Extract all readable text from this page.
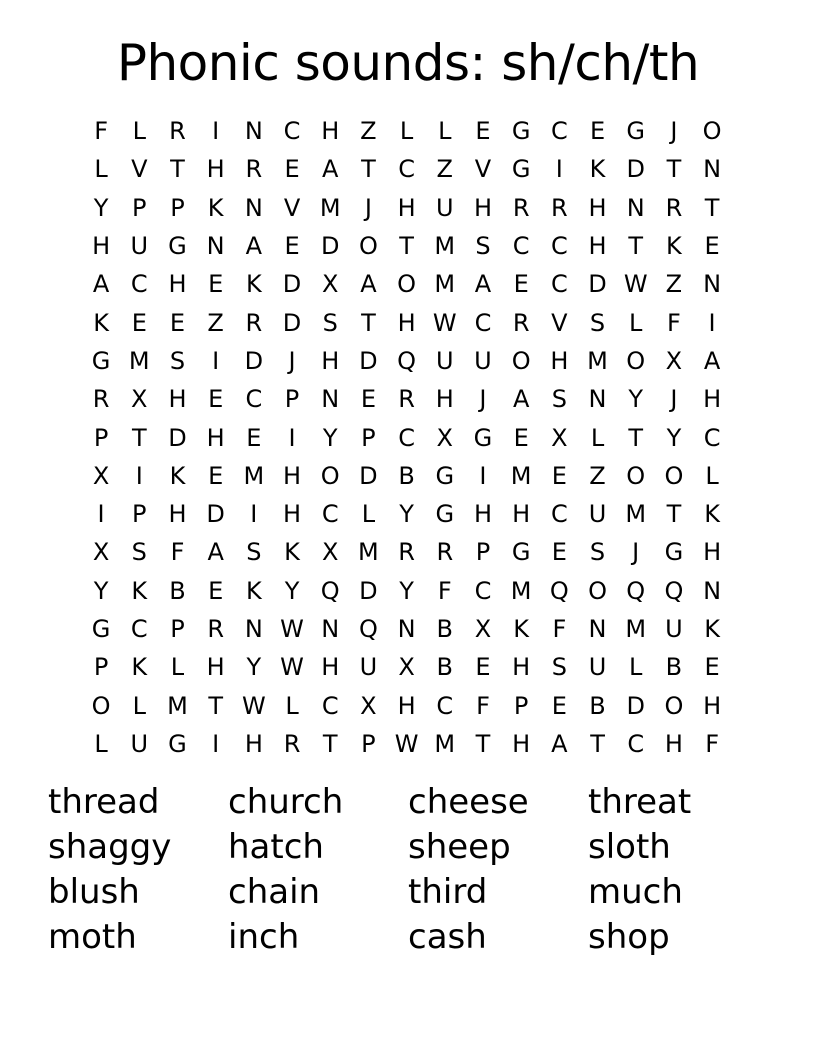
Phonic sounds: sh/ch/th
F	L R	I	N C H Z L	L E G C E G	J	O
L V T H R E A T C Z V G	I	K D T N
Y P P K N V M	J	H U H R R H N R T
H U G N A E D O T M S C C H T K E
A C H E K D X A O M A E C D W Z N
K E E Z R D S T H W C R V S L	F	I
G M S	I	D	J	H D Q U U O H M O X A
R X H E C P N E R H	J	A S N Y	J	H
P T D H E	I	Y P C X G E X L	T Y C
X	I	K E M H O D B G	I	M E Z O O L
I	P H D	I	H C L	Y G H H C U M T K
X S F A S K X M R R P G E S	J	G H
Y K B E K Y Q D Y F C M Q O Q Q N
G C P R N W N Q N B X K F N M U K
P K L H Y W H U X B E H S U L B E
O L M T W L C X H C F	P E B D O H
L U G	I	H R T P W M T H A T C H F
thread	church	cheese	threat
shaggy	hatch	sheep	sloth
blush	chain	third	much
moth	inch	cash	shop
